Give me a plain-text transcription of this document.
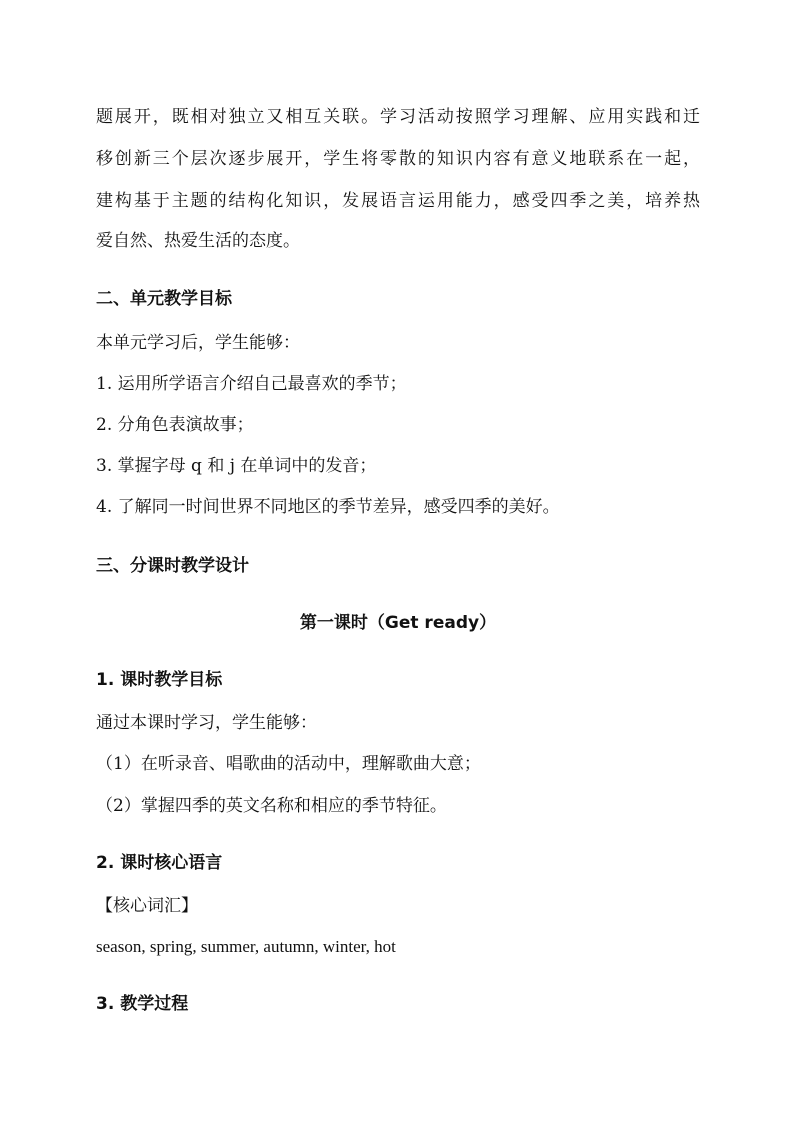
题展开，既相对独立又相互关联。学习活动按照学习理解、应用实践和迁
移创新三个层次逐步展开，学生将零散的知识内容有意义地联系在一起，
建构基于主题的结构化知识，发展语言运用能力，感受四季之美，培养热
爱自然、热爱生活的态度。
二、单元教学目标
本单元学习后，学生能够：
1. 运用所学语言介绍自己最喜欢的季节；
2. 分角色表演故事；
3. 掌握字母 q 和 j 在单词中的发音；
4. 了解同一时间世界不同地区的季节差异，感受四季的美好。
三、分课时教学设计
第一课时（Get ready）
1. 课时教学目标
通过本课时学习，学生能够：
（1）在听录音、唱歌曲的活动中，理解歌曲大意；
（2）掌握四季的英文名称和相应的季节特征。
2. 课时核心语言
【核心词汇】
season, spring, summer, autumn, winter, hot
3. 教学过程
